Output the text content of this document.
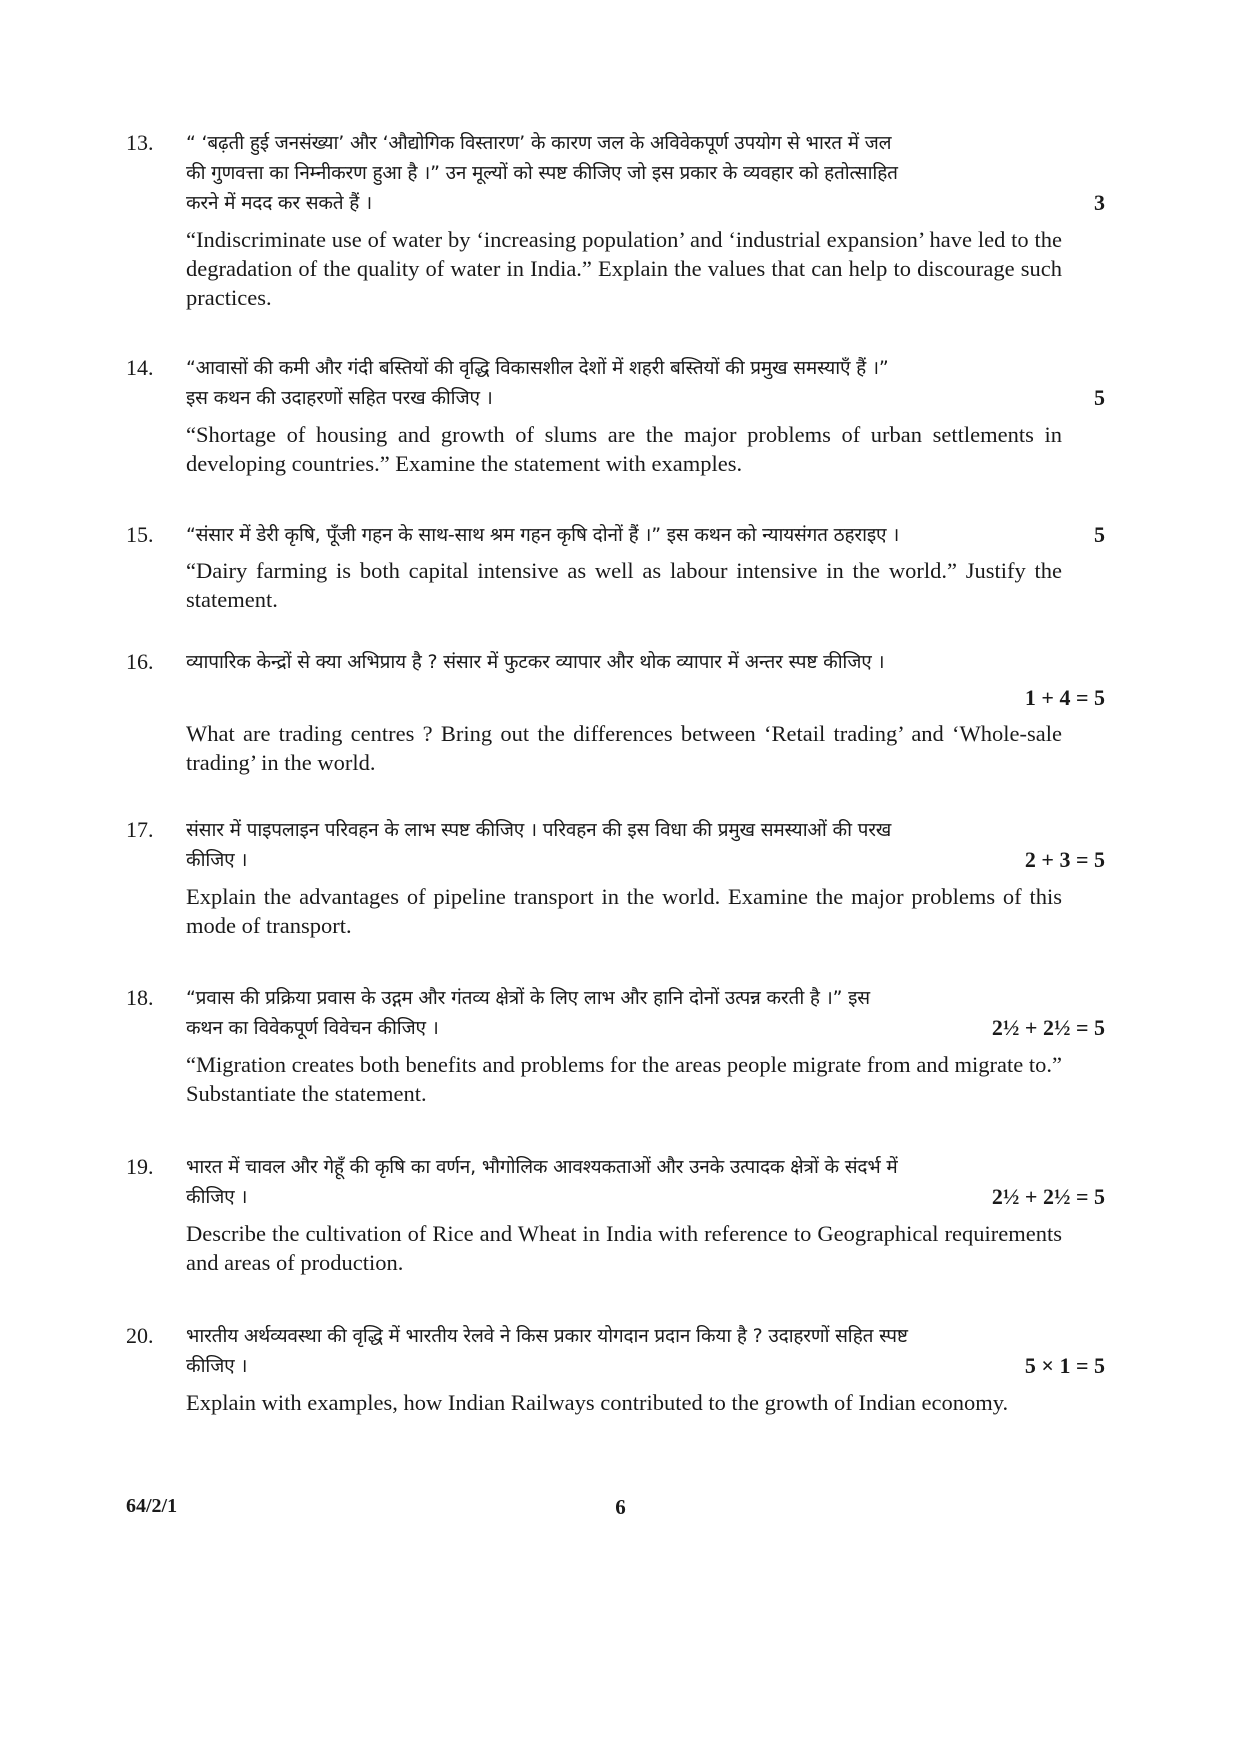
13. “ ‘बढ़ती हुई जनसंख्या’ और ‘औद्योगिक विस्तारण’ के कारण जल के अविवेकपूर्ण उपयोग से भारत में जल
की गुणवत्ता का निम्नीकरण हुआ है ।” उन मूल्यों को स्पष्ट कीजिए जो इस प्रकार के व्यवहार को हतोत्साहित
करने में मदद कर सकते हैं ।	3
“Indiscriminate use of water by ‘increasing population’ and ‘industrial expansion’ have led to the degradation of the quality of water in India.” Explain the values that can help to discourage such practices.
14. “आवासों की कमी और गंदी बस्तियों की वृद्धि विकासशील देशों में शहरी बस्तियों की प्रमुख समस्याएँ हैं ।”
इस कथन की उदाहरणों सहित परख कीजिए ।	5
“Shortage of housing and growth of slums are the major problems of urban settlements in developing countries.” Examine the statement with examples.
15. “संसार में डेरी कृषि, पूँजी गहन के साथ-साथ श्रम गहन कृषि दोनों हैं ।” इस कथन को न्यायसंगत ठहराइए ।	5
“Dairy farming is both capital intensive as well as labour intensive in the world.” Justify the statement.
16. व्यापारिक केन्द्रों से क्या अभिप्राय है ? संसार में फुटकर व्यापार और थोक व्यापार में अन्तर स्पष्ट कीजिए ।
1 + 4 = 5
What are trading centres ? Bring out the differences between ‘Retail trading’ and ‘Whole-sale trading’ in the world.
17. संसार में पाइपलाइन परिवहन के लाभ स्पष्ट कीजिए । परिवहन की इस विधा की प्रमुख समस्याओं की परख
कीजिए ।	2 + 3 = 5
Explain the advantages of pipeline transport in the world. Examine the major problems of this mode of transport.
18. “प्रवास की प्रक्रिया प्रवास के उद्गम और गंतव्य क्षेत्रों के लिए लाभ और हानि दोनों उत्पन्न करती है ।” इस
कथन का विवेकपूर्ण विवेचन कीजिए ।	2½ + 2½ = 5
“Migration creates both benefits and problems for the areas people migrate from and migrate to.” Substantiate the statement.
19. भारत में चावल और गेहूँ की कृषि का वर्णन, भौगोलिक आवश्यकताओं और उनके उत्पादक क्षेत्रों के संदर्भ में
कीजिए ।	2½ + 2½ = 5
Describe the cultivation of Rice and Wheat in India with reference to Geographical requirements and areas of production.
20. भारतीय अर्थव्यवस्था की वृद्धि में भारतीय रेलवे ने किस प्रकार योगदान प्रदान किया है ? उदाहरणों सहित स्पष्ट
कीजिए ।	5 × 1 = 5
Explain with examples, how Indian Railways contributed to the growth of Indian economy.
6
64/2/1
